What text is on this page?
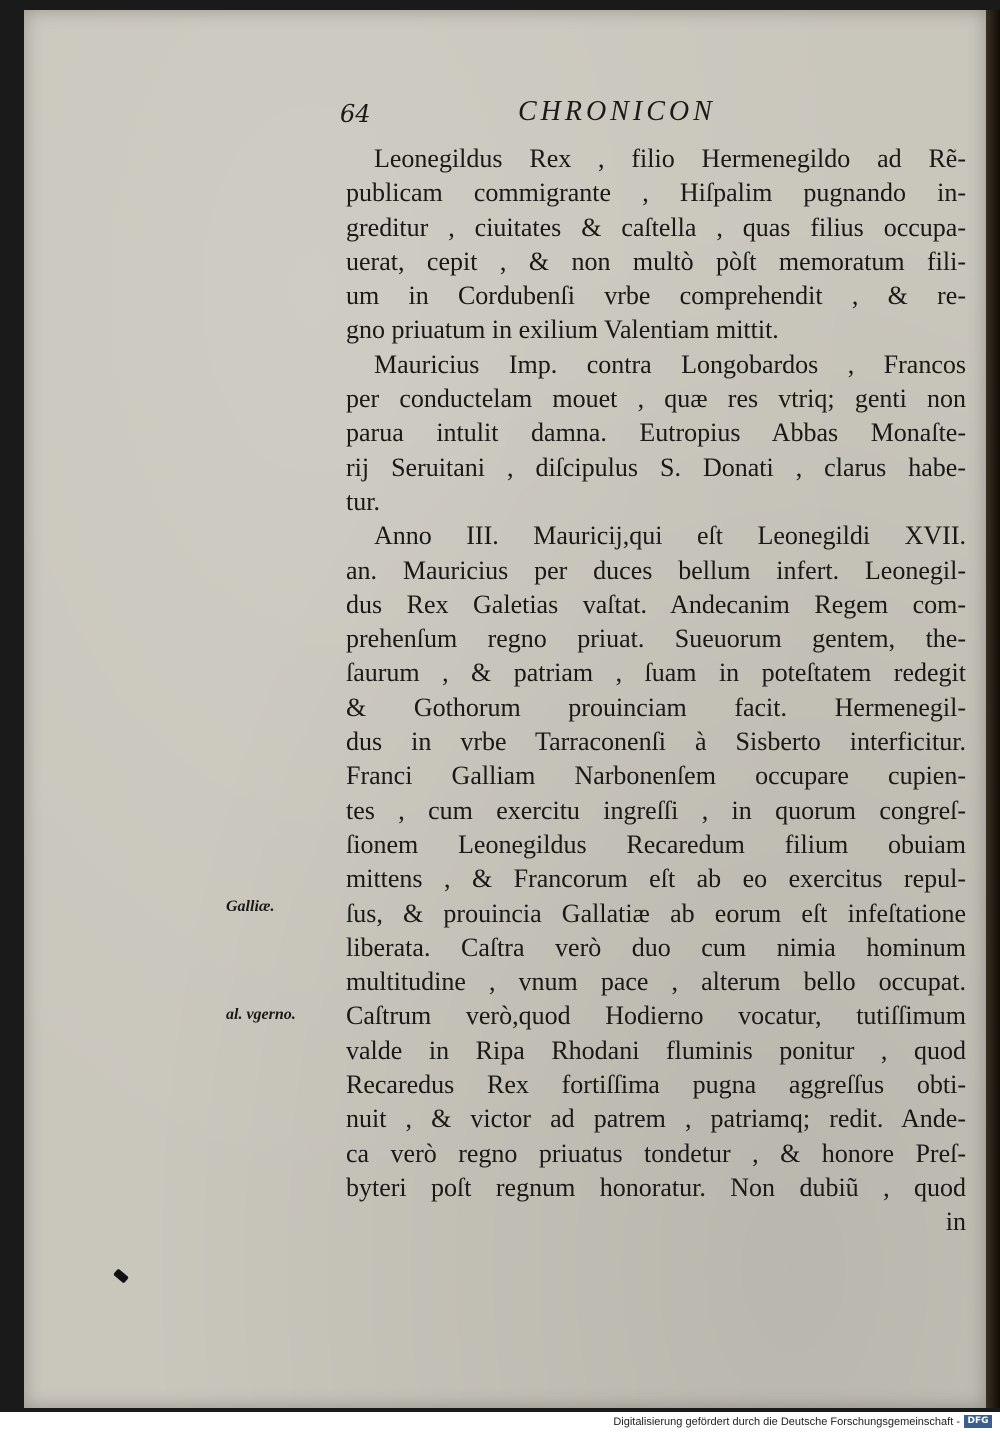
64	CHRONICON
Leonegildus Rex , filio Hermenegildo ad Rẽ-
publicam commigrante , Hiſpalim pugnando in-
greditur , ciuitates & caſtella , quas filius occupa-
uerat, cepit , & non multò pòſt memoratum fili-
um in Cordubenſi vrbe comprehendit , & re-
gno priuatum in exilium Valentiam mittit.
Mauricius Imp. contra Longobardos , Francos
per conductelam mouet , quæ res vtriq; genti non
parua intulit damna. Eutropius Abbas Monaſte-
rij Seruitani , diſcipulus S. Donati , clarus habe-
tur.
Anno III. Mauricij,qui eſt Leonegildi XVII.
an. Mauricius per duces bellum infert. Leonegil-
dus Rex Galetias vaſtat. Andecanim Regem com-
prehenſum regno priuat. Sueuorum gentem, the-
ſaurum , & patriam , ſuam in poteſtatem redegit
& Gothorum prouinciam facit. Hermenegil-
dus in vrbe Tarraconenſi à Sisberto interficitur.
Franci Galliam Narbonenſem occupare cupien-
tes , cum exercitu ingreſſi , in quorum congreſ-
ſionem Leonegildus Recaredum filium obuiam
mittens , & Francorum eſt ab eo exercitus repul-
ſus, & prouincia Gallatiæ ab eorum eſt infeſtatione
liberata. Caſtra verò duo cum nimia hominum
multitudine , vnum pace , alterum bello occupat.
Caſtrum verò,quod Hodierno vocatur, tutiſſimum
valde in Ripa Rhodani fluminis ponitur , quod
Recaredus Rex fortiſſima pugna aggreſſus obti-
nuit , & victor ad patrem , patriamq; redit. Ande-
ca verò regno priuatus tondetur , & honore Preſ-
byteri poſt regnum honoratur. Non dubiũ , quod
in
Galliæ.
al. vgerno.
Digitalisierung gefördert durch die Deutsche Forschungsgemeinschaft - DFG
